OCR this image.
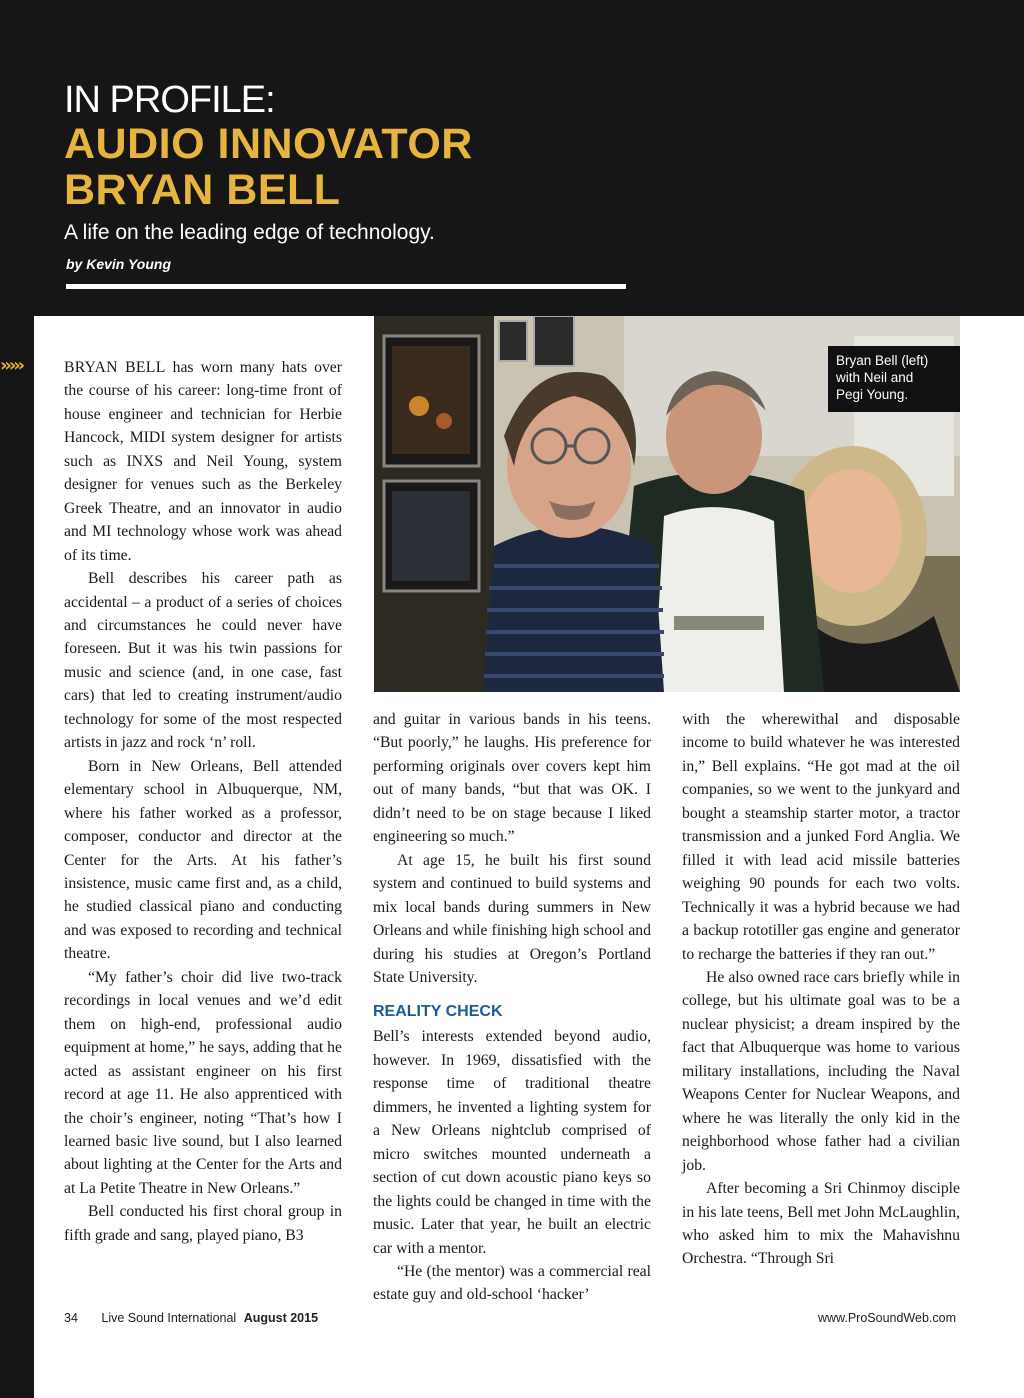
IN PROFILE:
AUDIO INNOVATOR
BRYAN BELL
A life on the leading edge of technology.
by Kevin Young
›››››	Bryan Bell (left)
with Neil and
Pegi Young.

BRYAN BELL has worn many hats over the course of his career: long-time front of house engineer and technician for Herbie Hancock, MIDI system designer for artists such as INXS and Neil Young, system designer for venues such as the Berkeley Greek Theatre, and an innovator in audio and MI technology whose work was ahead of its time.

Bell describes his career path as accidental – a product of a series of choices and circumstances he could never have foreseen. But it was his twin passions for music and science (and, in one case, fast cars) that led to creating instrument/audio technology for some of the most respected artists in jazz and rock ‘n’ roll.

Born in New Orleans, Bell attended elementary school in Albuquerque, NM, where his father worked as a professor, composer, conductor and director at the Center for the Arts. At his father’s insistence, music came first and, as a child, he studied classical piano and conducting and was exposed to recording and technical theatre.

“My father’s choir did live two-track recordings in local venues and we’d edit them on high-end, professional audio equipment at home,” he says, adding that he acted as assistant engineer on his first record at age 11. He also apprenticed with the choir’s engineer, noting “That’s how I learned basic live sound, but I also learned about lighting at the Center for the Arts and at La Petite Theatre in New Orleans.”

Bell conducted his first choral group in fifth grade and sang, played piano, B3

and guitar in various bands in his teens. “But poorly,” he laughs. His preference for performing originals over covers kept him out of many bands, “but that was OK. I didn’t need to be on stage because I liked engineering so much.”

At age 15, he built his first sound system and continued to build systems and mix local bands during summers in New Orleans and while finishing high school and during his studies at Oregon’s Portland State University.

REALITY CHECK

Bell’s interests extended beyond audio, however. In 1969, dissatisfied with the response time of traditional theatre dimmers, he invented a lighting system for a New Orleans nightclub comprised of micro switches mounted underneath a section of cut down acoustic piano keys so the lights could be changed in time with the music. Later that year, he built an electric car with a mentor.

“He (the mentor) was a commercial real estate guy and old-school ‘hacker’

with the wherewithal and disposable income to build whatever he was interested in,” Bell explains. “He got mad at the oil companies, so we went to the junkyard and bought a steamship starter motor, a tractor transmission and a junked Ford Anglia. We filled it with lead acid missile batteries weighing 90 pounds for each two volts. Technically it was a hybrid because we had a backup rototiller gas engine and generator to recharge the batteries if they ran out.”

He also owned race cars briefly while in college, but his ultimate goal was to be a nuclear physicist; a dream inspired by the fact that Albuquerque was home to various military installations, including the Naval Weapons Center for Nuclear Weapons, and where he was literally the only kid in the neighborhood whose father had a civilian job.

After becoming a Sri Chinmoy disciple in his late teens, Bell met John McLaughlin, who asked him to mix the Mahavishnu Orchestra. “Through Sri

34 Live Sound International August 2015	www.ProSoundWeb.com
